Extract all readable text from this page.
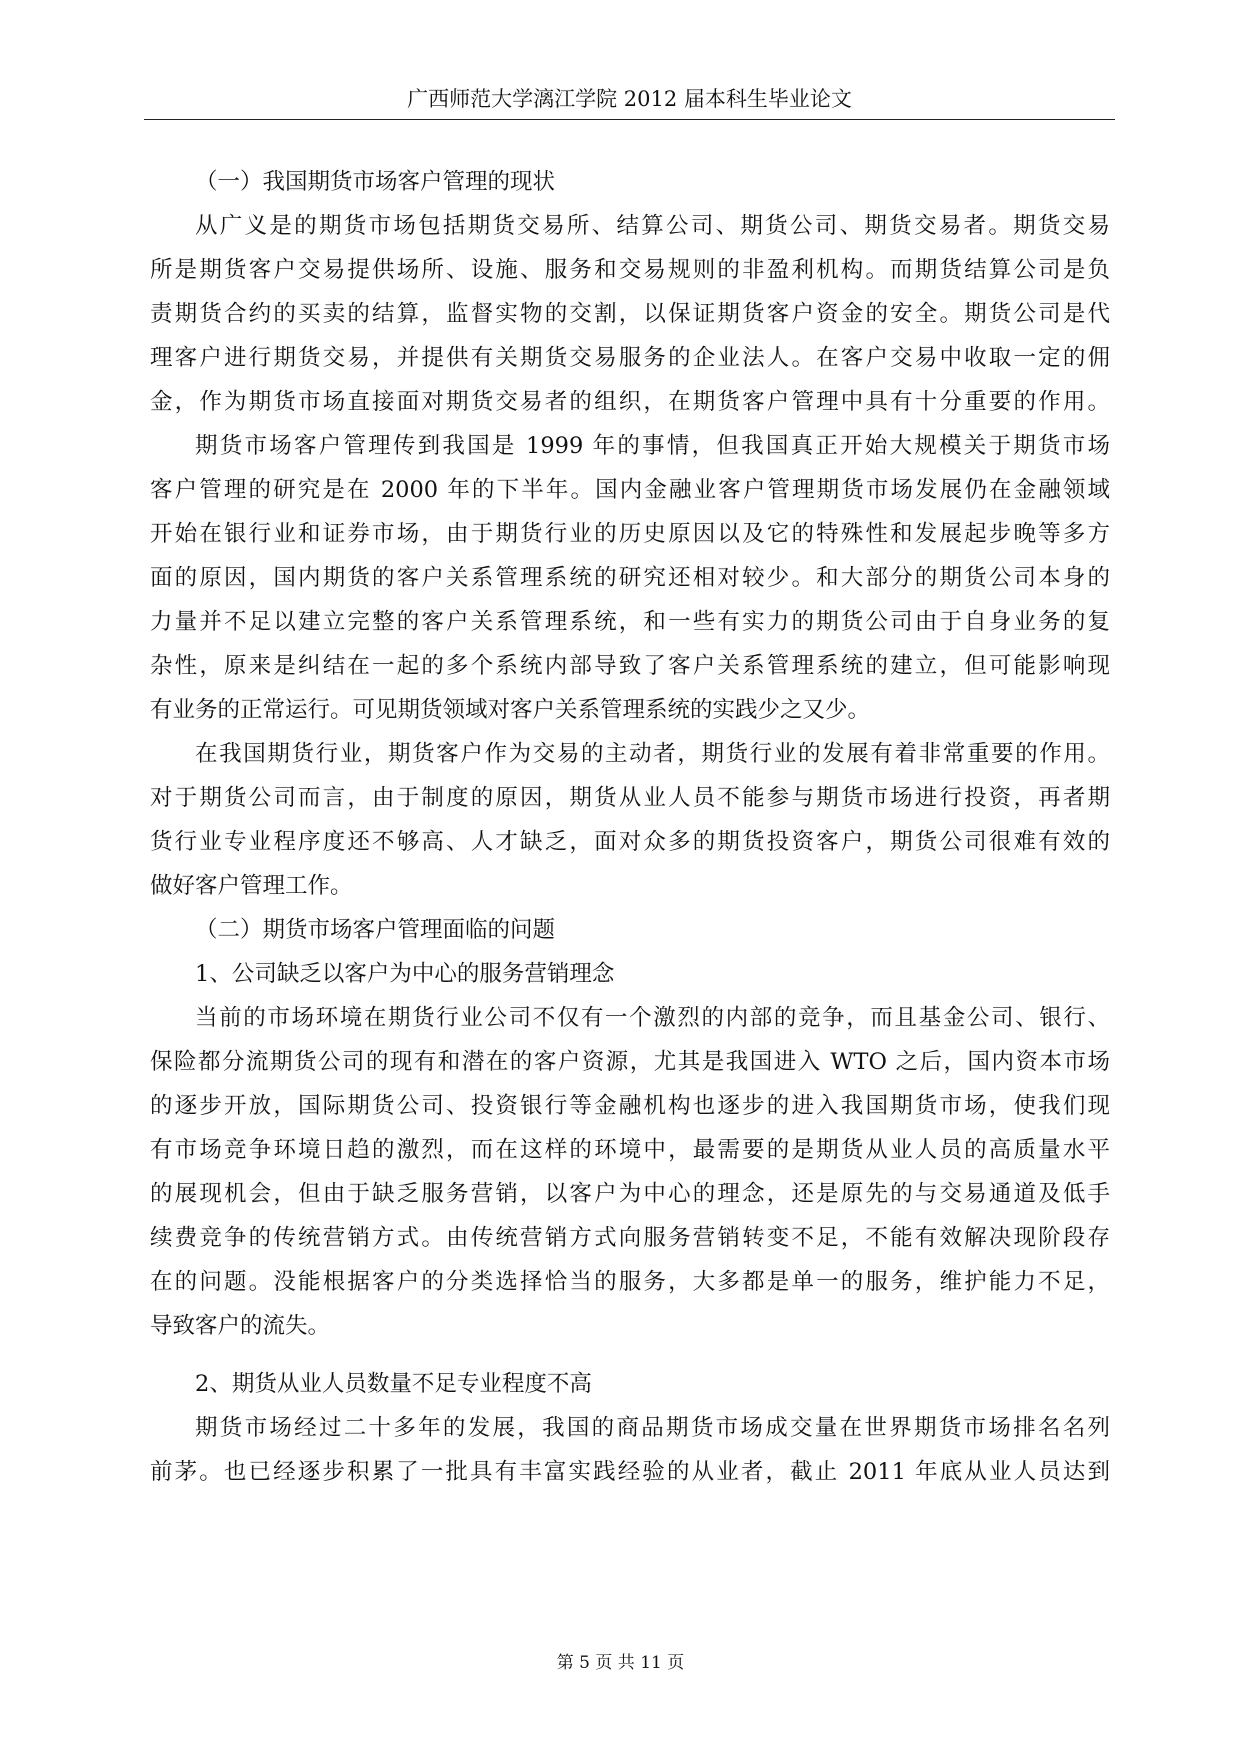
广西师范大学漓江学院 2012 届本科生毕业论文
（一）我国期货市场客户管理的现状
从广义是的期货市场包括期货交易所、结算公司、期货公司、期货交易者。期货交易
所是期货客户交易提供场所、设施、服务和交易规则的非盈利机构。而期货结算公司是负
责期货合约的买卖的结算，监督实物的交割，以保证期货客户资金的安全。期货公司是代
理客户进行期货交易，并提供有关期货交易服务的企业法人。在客户交易中收取一定的佣
金，作为期货市场直接面对期货交易者的组织，在期货客户管理中具有十分重要的作用。
期货市场客户管理传到我国是 1999 年的事情，但我国真正开始大规模关于期货市场
客户管理的研究是在 2000 年的下半年。国内金融业客户管理期货市场发展仍在金融领域
开始在银行业和证券市场，由于期货行业的历史原因以及它的特殊性和发展起步晚等多方
面的原因，国内期货的客户关系管理系统的研究还相对较少。和大部分的期货公司本身的
力量并不足以建立完整的客户关系管理系统，和一些有实力的期货公司由于自身业务的复
杂性，原来是纠结在一起的多个系统内部导致了客户关系管理系统的建立，但可能影响现
有业务的正常运行。可见期货领域对客户关系管理系统的实践少之又少。
在我国期货行业，期货客户作为交易的主动者，期货行业的发展有着非常重要的作用。
对于期货公司而言，由于制度的原因，期货从业人员不能参与期货市场进行投资，再者期
货行业专业程序度还不够高、人才缺乏，面对众多的期货投资客户，期货公司很难有效的
做好客户管理工作。
（二）期货市场客户管理面临的问题
1、公司缺乏以客户为中心的服务营销理念
当前的市场环境在期货行业公司不仅有一个激烈的内部的竞争，而且基金公司、银行、
保险都分流期货公司的现有和潜在的客户资源，尤其是我国进入 WTO 之后，国内资本市场
的逐步开放，国际期货公司、投资银行等金融机构也逐步的进入我国期货市场，使我们现
有市场竞争环境日趋的激烈，而在这样的环境中，最需要的是期货从业人员的高质量水平
的展现机会，但由于缺乏服务营销，以客户为中心的理念，还是原先的与交易通道及低手
续费竞争的传统营销方式。由传统营销方式向服务营销转变不足，不能有效解决现阶段存
在的问题。没能根据客户的分类选择恰当的服务，大多都是单一的服务，维护能力不足，
导致客户的流失。
2、期货从业人员数量不足专业程度不高
期货市场经过二十多年的发展，我国的商品期货市场成交量在世界期货市场排名名列
前茅。也已经逐步积累了一批具有丰富实践经验的从业者，截止 2011 年底从业人员达到
第 5 页 共 11 页
